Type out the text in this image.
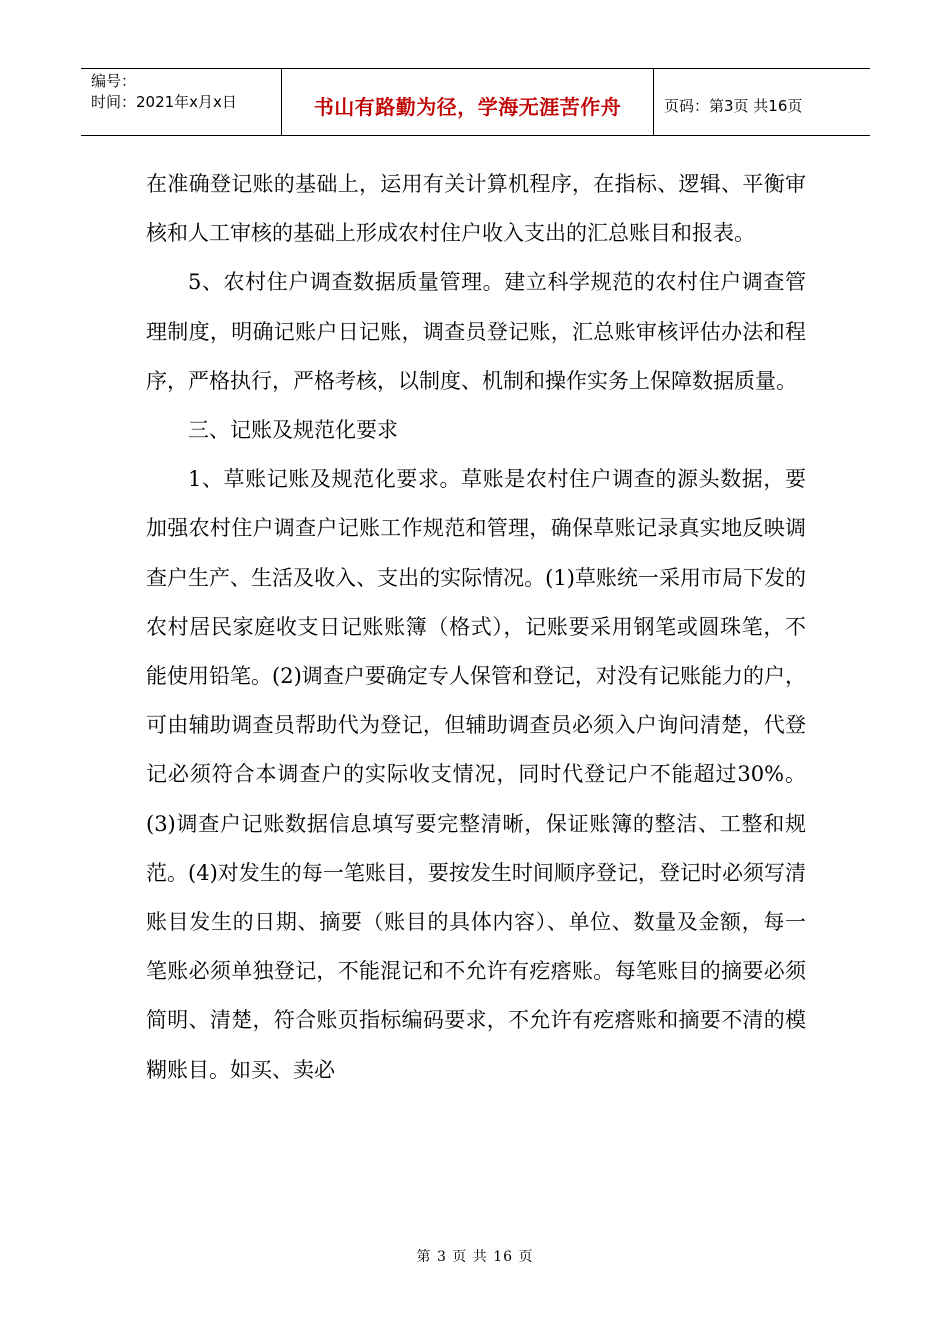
编号：
时间：2021年x月x日	书山有路勤为径，学海无涯苦作舟	页码：第3页 共16页

在准确登记账的基础上，运用有关计算机程序，在指标、逻辑、平衡审核和人工审核的基础上形成农村住户收入支出的汇总账目和报表。

5、农村住户调查数据质量管理。建立科学规范的农村住户调查管理制度，明确记账户日记账，调查员登记账，汇总账审核评估办法和程序，严格执行，严格考核，以制度、机制和操作实务上保障数据质量。

三、记账及规范化要求

1、草账记账及规范化要求。草账是农村住户调查的源头数据，要加强农村住户调查户记账工作规范和管理，确保草账记录真实地反映调查户生产、生活及收入、支出的实际情况。(1)草账统一采用市局下发的农村居民家庭收支日记账账簿（格式），记账要采用钢笔或圆珠笔，不能使用铅笔。(2)调查户要确定专人保管和登记，对没有记账能力的户，可由辅助调查员帮助代为登记，但辅助调查员必须入户询问清楚，代登记必须符合本调查户的实际收支情况，同时代登记户不能超过30%。(3)调查户记账数据信息填写要完整清晰，保证账簿的整洁、工整和规范。(4)对发生的每一笔账目，要按发生时间顺序登记，登记时必须写清账目发生的日期、摘要（账目的具体内容）、单位、数量及金额，每一笔账必须单独登记，不能混记和不允许有疙瘩账。每笔账目的摘要必须简明、清楚，符合账页指标编码要求，不允许有疙瘩账和摘要不清的模糊账目。如买、卖必

第 3 页 共 16 页
